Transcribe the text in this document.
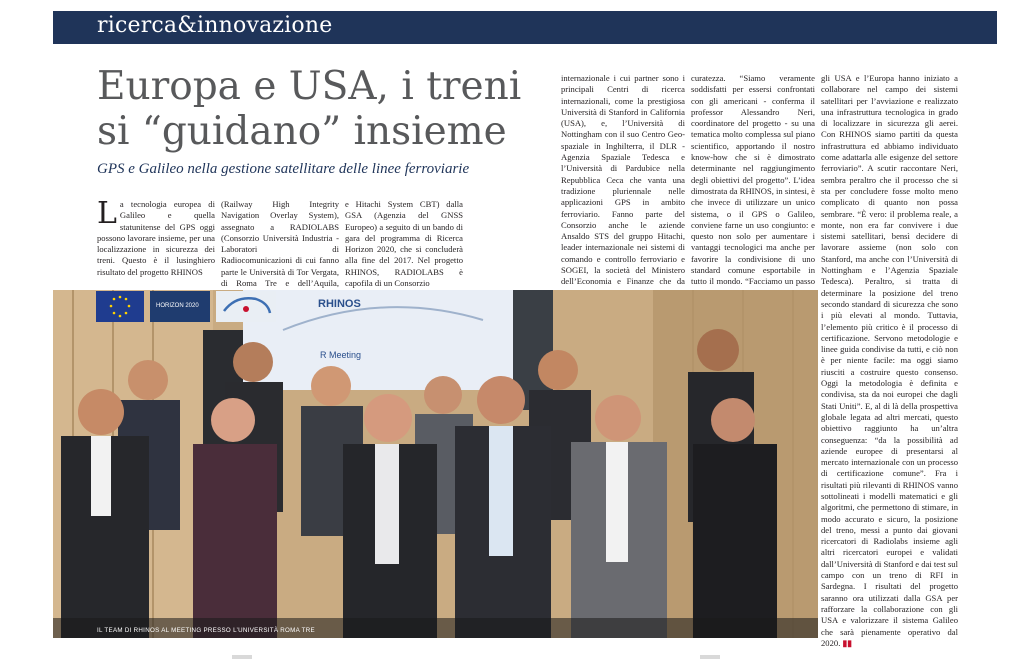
ricerca&innovazione
Europa e USA, i treni
si “guidano” insieme
GPS e Galileo nella gestione satellitare delle linee ferroviarie
La tecnologia europea di Galileo e quella statunitense del GPS oggi possono lavorare insieme, per una localizzazione in sicurezza dei treni. Questo è il lusinghiero risultato del progetto RHINOS
(Railway High Integrity Navigation Overlay System), assegnato a RADIOLABS (Consorzio Università Industria - Laboratori di Radiocomunicazioni di cui fanno parte le Università di Tor Vergata, di Roma Tre e dell’Aquila,
e Hitachi System CBT) dalla GSA (Agenzia del GNSS Europeo) a seguito di un bando di gara del programma di Ricerca Horizon 2020, che si concluderà alla fine del 2017. Nel progetto RHINOS, RADIOLABS è capofila di un Consorzio
internazionale i cui partner sono i principali Centri di ricerca internazionali, come la prestigiosa Università di Stanford in California (USA), e, l’Università di Nottingham con il suo Centro Geo-spaziale in Inghilterra, il DLR - Agenzia Spaziale Tedesca e l’Università di Pardubice nella Repubblica Ceca che vanta una tradizione pluriennale nelle applicazioni GPS in ambito ferroviario. Fanno parte del Consorzio anche le aziende Ansaldo STS del gruppo Hitachi, leader internazionale nei sistemi di comando e controllo ferroviario e SOGEI, la società del Ministero dell’Economia e Finanze che da
curatezza. “Siamo veramente soddisfatti per essersi confrontati con gli americani - conferma il professor Alessandro Neri, coordinatore del progetto - su una tematica molto complessa sul piano scientifico, apportando il nostro know-how che si è dimostrato determinante nel raggiungimento degli obiettivi del progetto”. L’idea dimostrata da RHINOS, in sintesi, è che invece di utilizzare un unico sistema, o il GPS o Galileo, conviene farne un uso congiunto: e questo non solo per aumentare i vantaggi tecnologici ma anche per favorire la condivisione di uno standard comune esportabile in tutto il mondo. “Facciamo un passo
gli USA e l’Europa hanno iniziato a collaborare nel campo dei sistemi satellitari per l’avviazione e realizzato una infrastruttura tecnologica in grado di localizzare in sicurezza gli aerei. Con RHINOS siamo partiti da questa infrastruttura ed abbiamo individuato come adattarla alle esigenze del settore ferroviario”. A scutir raccontare Neri, sembra peraltro che il processo che si sta per concludere fosse molto meno complicato di quanto non possa sembrare. “È vero: il problema reale, a monte, non era far convivere i due sistemi satellitari, bensì decidere di lavorare assieme (non solo con Stanford, ma anche con l’Università di Nottingham e l’Agenzia Spaziale Tedesca). Peraltro, si tratta di determinare la posizione del treno secondo standard di sicurezza che sono i più elevati al mondo. Tuttavia, l’elemento più critico è il processo di certificazione. Servono metodologie e linee guida condivise da tutti, e ciò non è per niente facile: ma oggi siamo riusciti a costruire questo consenso. Oggi la metodologia è definita e condivisa, sta da noi europei che dagli Stati Uniti”. E, al di là della prospettiva globale legata ad altri mercati, questo obiettivo raggiunto ha un’altra conseguenza: “da la possibilità ad aziende europee di presentarsi al mercato internazionale con un processo di certificazione comune”. Fra i risultati più rilevanti di RHINOS vanno sottolineati i modelli matematici e gli algoritmi, che permettono di stimare, in modo accurato e sicuro, la posizione del treno, messi a punto dai giovani ricercatori di Radiolabs insieme agli altri ricercatori europei e validati dall’Università di Stanford e dai test sul campo con un treno di RFI in Sardegna. I risultati del progetto saranno ora utilizzati dalla GSA per rafforzare la collaborazione con gli USA e valorizzare il sistema Galileo che sarà pienamente operativo dal 2020. ▮▮
HORIZON 2020	RHINOS
R Meeting
IL TEAM DI RHINOS AL MEETING PRESSO L’UNIVERSITÀ ROMA TRE
